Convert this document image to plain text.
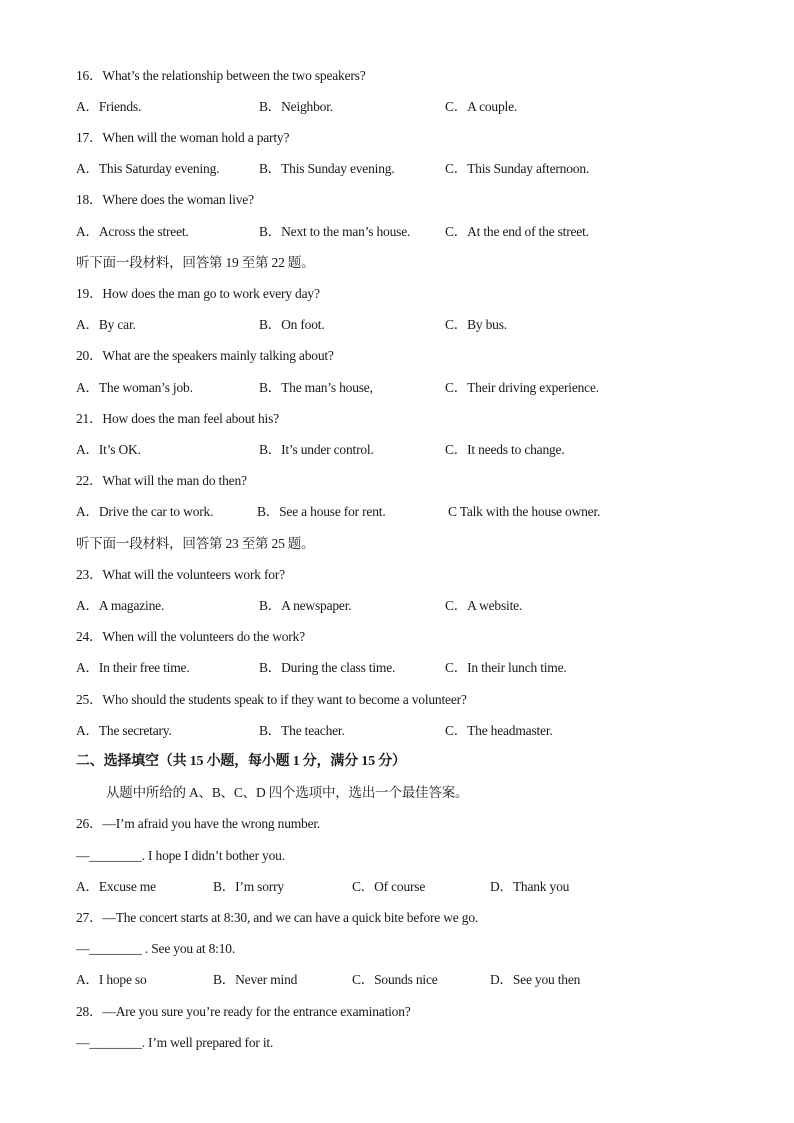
16．What’s the relationship between the two speakers?
A．Friends.	B．Neighbor.	C．A couple.
17．When will the woman hold a party?
A．This Saturday evening.	B．This Sunday evening.	C．This Sunday afternoon.
18．Where does the woman live?
A．Across the street.	B．Next to the man’s house.	C．At the end of the street.
听下面一段材料，回答第 19 至第 22 题。
19．How does the man go to work every day?
A．By car.	B．On foot.	C．By bus.
20．What are the speakers mainly talking about?
A．The woman’s job.	B．The man’s house,	C．Their driving experience.
21．How does the man feel about his?
A．It’s OK.	B．It’s under control.	C．It needs to change.
22．What will the man do then?
A．Drive the car to work.	B．See a house for rent.	C Talk with the house owner.
听下面一段材料，回答第 23 至第 25 题。
23．What will the volunteers work for?
A．A magazine.	B．A newspaper.	C．A website.
24．When will the volunteers do the work?
A．In their free time.	B．During the class time.	C．In their lunch time.
25．Who should the students speak to if they want to become a volunteer?
A．The secretary.	B．The teacher.	C．The headmaster.
二、选择填空（共 15 小题，每小题 1 分，满分 15 分）
从题中所给的 A、B、C、D 四个选项中，选出一个最佳答案。
26．—I’m afraid you have the wrong number.
—________. I hope I didn’t bother you.
A．Excuse me	B．I’m sorry	C．Of course	D．Thank you
27．—The concert starts at 8:30, and we can have a quick bite before we go.
—________ . See you at 8:10.
A．I hope so	B．Never mind	C．Sounds nice	D．See you then
28．—Are you sure you’re ready for the entrance examination?
—________. I’m well prepared for it.
